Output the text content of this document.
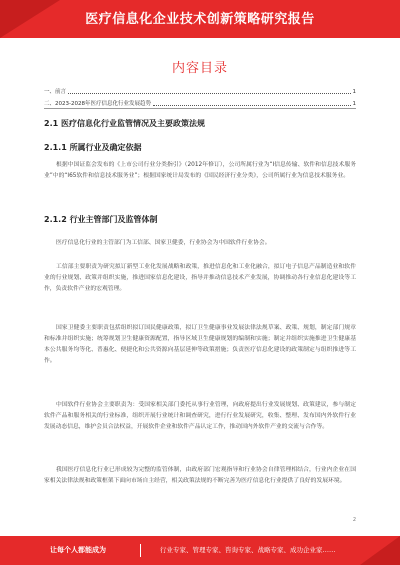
医疗信息化企业技术创新策略研究报告
内容目录
一、前言	1
二、2023-2028年医疗信息化行业发展趋势	1
2.1 医疗信息化行业监管情况及主要政策法规
2.1.1 所属行业及确定依据
根据中国证监会发布的《上市公司行业分类指引》（2012年修订），公司所属行业为“I信息传输、软件和信息技术服务业”中的“I65软件和信息技术服务业”；根据国家统计局发布的《国民经济行业分类》，公司所属行业为信息技术服务业。
2.1.2 行业主管部门及监管体制
医疗信息化行业的主管部门为工信部、国家卫健委，行业协会为中国软件行业协会。
工信部主要职责为研究拟订新型工业化发展战略和政策，推进信息化和工业化融合，拟订电子信息产品制造业和软件业的行业规划、政策并组织实施，推进国家信息化建设，指导并推动信息技术产业发展，协调推动各行业信息化建设等工作，负责软件产业的宏观管理。
国家卫健委主要职责包括组织拟订国民健康政策，拟订卫生健康事业发展法律法规草案、政策、规划，制定部门规章和标准并组织实施；统筹规划卫生健康资源配置，指导区域卫生健康规划的编制和实施；制定并组织实施推进卫生健康基本公共服务均等化、普惠化、便捷化和公共资源向基层延伸等政策措施；负责医疗信息化建设的政策制定与组织推进等工作。
中国软件行业协会主要职责为：受国家相关部门委托从事行业管理，向政府提出行业发展规划、政策建议，参与制定软件产品和服务相关的行业标准，组织开展行业统计和调查研究，进行行业发展研究，收集、整理、发布国内外软件行业发展动态信息，维护会员合法权益，开展软件企业和软件产品认定工作，推动国内外软件产业的交流与合作等。
我国医疗信息化行业已形成较为完整的监管体制，由政府部门宏观指导和行业协会自律管理相结合，行业内企业在国家相关法律法规和政策框架下面向市场自主经营，相关政策法规的不断完善为医疗信息化行业提供了良好的发展环境。
2
让每个人都能成为	行业专家、管理专家、咨询专家、战略专家、成功企业家……
